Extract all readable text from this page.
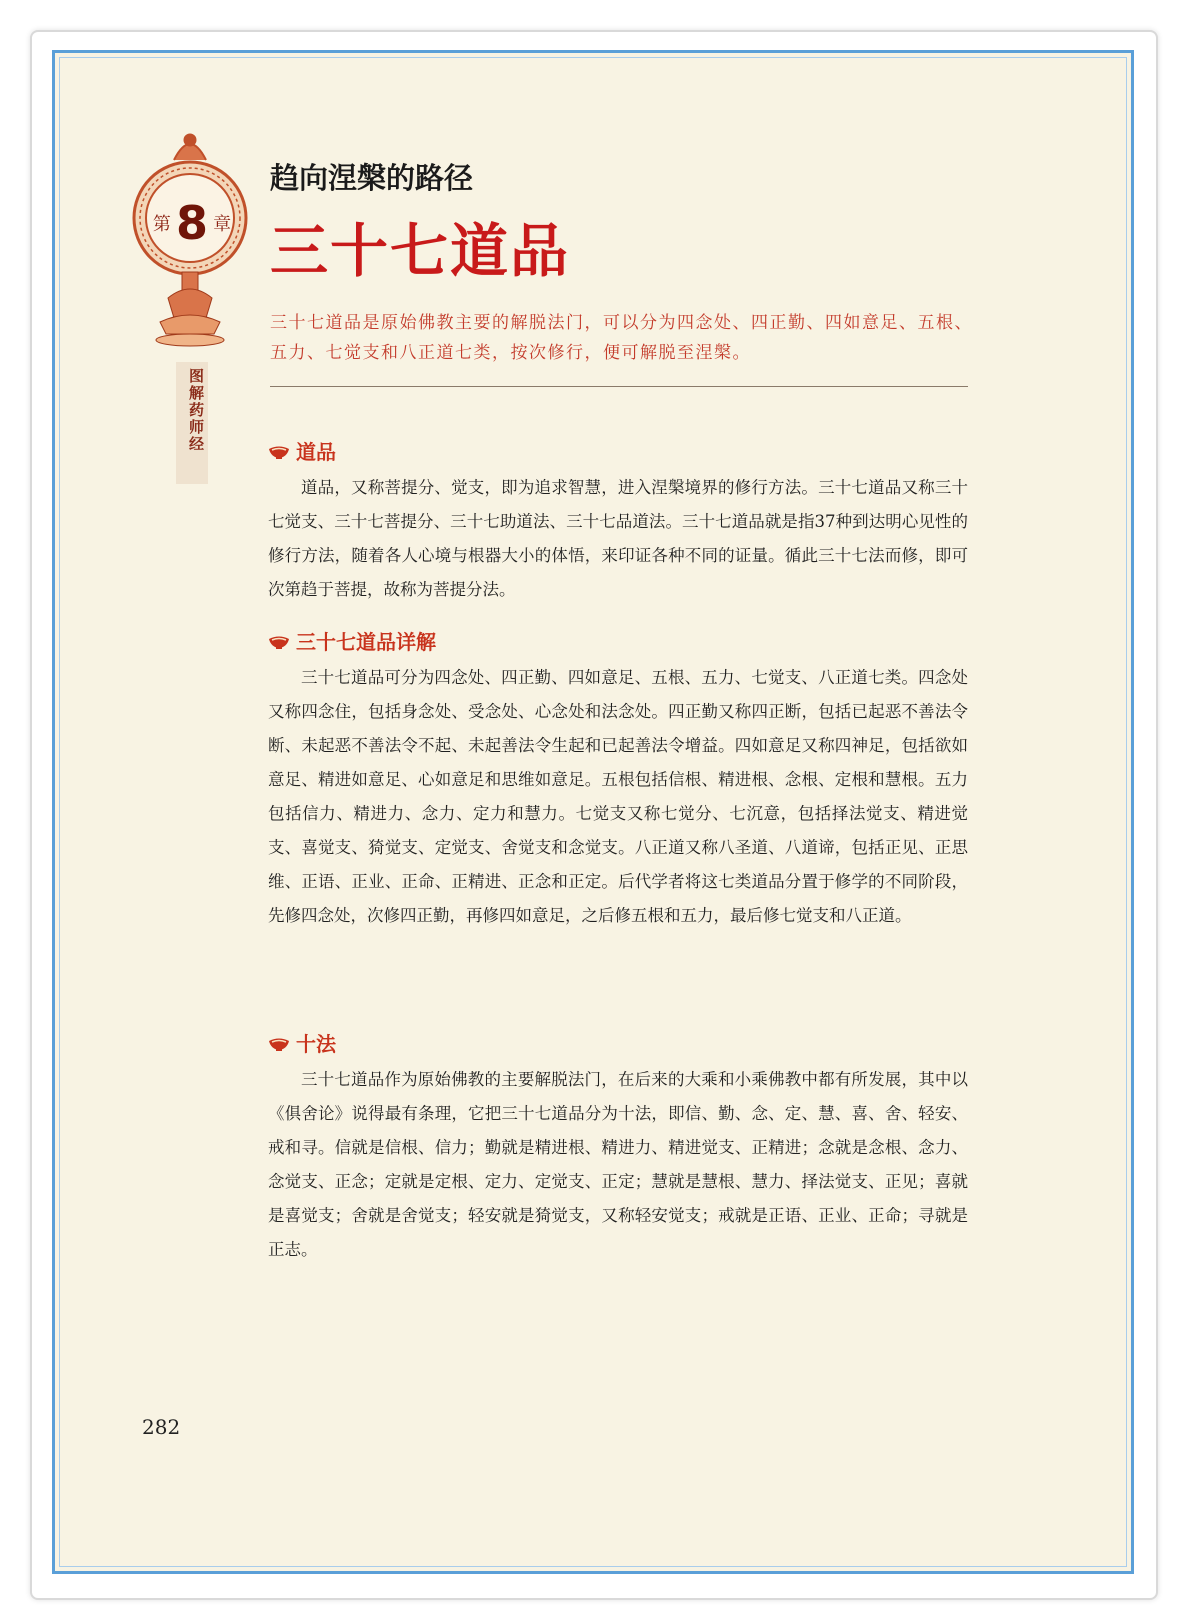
第 8 章
图解药师经
趋向涅槃的路径
三十七道品

三十七道品是原始佛教主要的解脱法门，可以分为四念处、四正勤、四如意足、五根、五力、七觉支和八正道七类，按次修行，便可解脱至涅槃。

道品

道品，又称菩提分、觉支，即为追求智慧，进入涅槃境界的修行方法。三十七道品又称三十七觉支、三十七菩提分、三十七助道法、三十七品道法。三十七道品就是指37种到达明心见性的修行方法，随着各人心境与根器大小的体悟，来印证各种不同的证量。循此三十七法而修，即可次第趋于菩提，故称为菩提分法。

三十七道品详解

三十七道品可分为四念处、四正勤、四如意足、五根、五力、七觉支、八正道七类。四念处又称四念住，包括身念处、受念处、心念处和法念处。四正勤又称四正断，包括已起恶不善法令断、未起恶不善法令不起、未起善法令生起和已起善法令增益。四如意足又称四神足，包括欲如意足、精进如意足、心如意足和思维如意足。五根包括信根、精进根、念根、定根和慧根。五力包括信力、精进力、念力、定力和慧力。七觉支又称七觉分、七沉意，包括择法觉支、精进觉支、喜觉支、猗觉支、定觉支、舍觉支和念觉支。八正道又称八圣道、八道谛，包括正见、正思维、正语、正业、正命、正精进、正念和正定。后代学者将这七类道品分置于修学的不同阶段，先修四念处，次修四正勤，再修四如意足，之后修五根和五力，最后修七觉支和八正道。

十法

三十七道品作为原始佛教的主要解脱法门，在后来的大乘和小乘佛教中都有所发展，其中以《俱舍论》说得最有条理，它把三十七道品分为十法，即信、勤、念、定、慧、喜、舍、轻安、戒和寻。信就是信根、信力；勤就是精进根、精进力、精进觉支、正精进；念就是念根、念力、念觉支、正念；定就是定根、定力、定觉支、正定；慧就是慧根、慧力、择法觉支、正见；喜就是喜觉支；舍就是舍觉支；轻安就是猗觉支，又称轻安觉支；戒就是正语、正业、正命；寻就是正志。

282
